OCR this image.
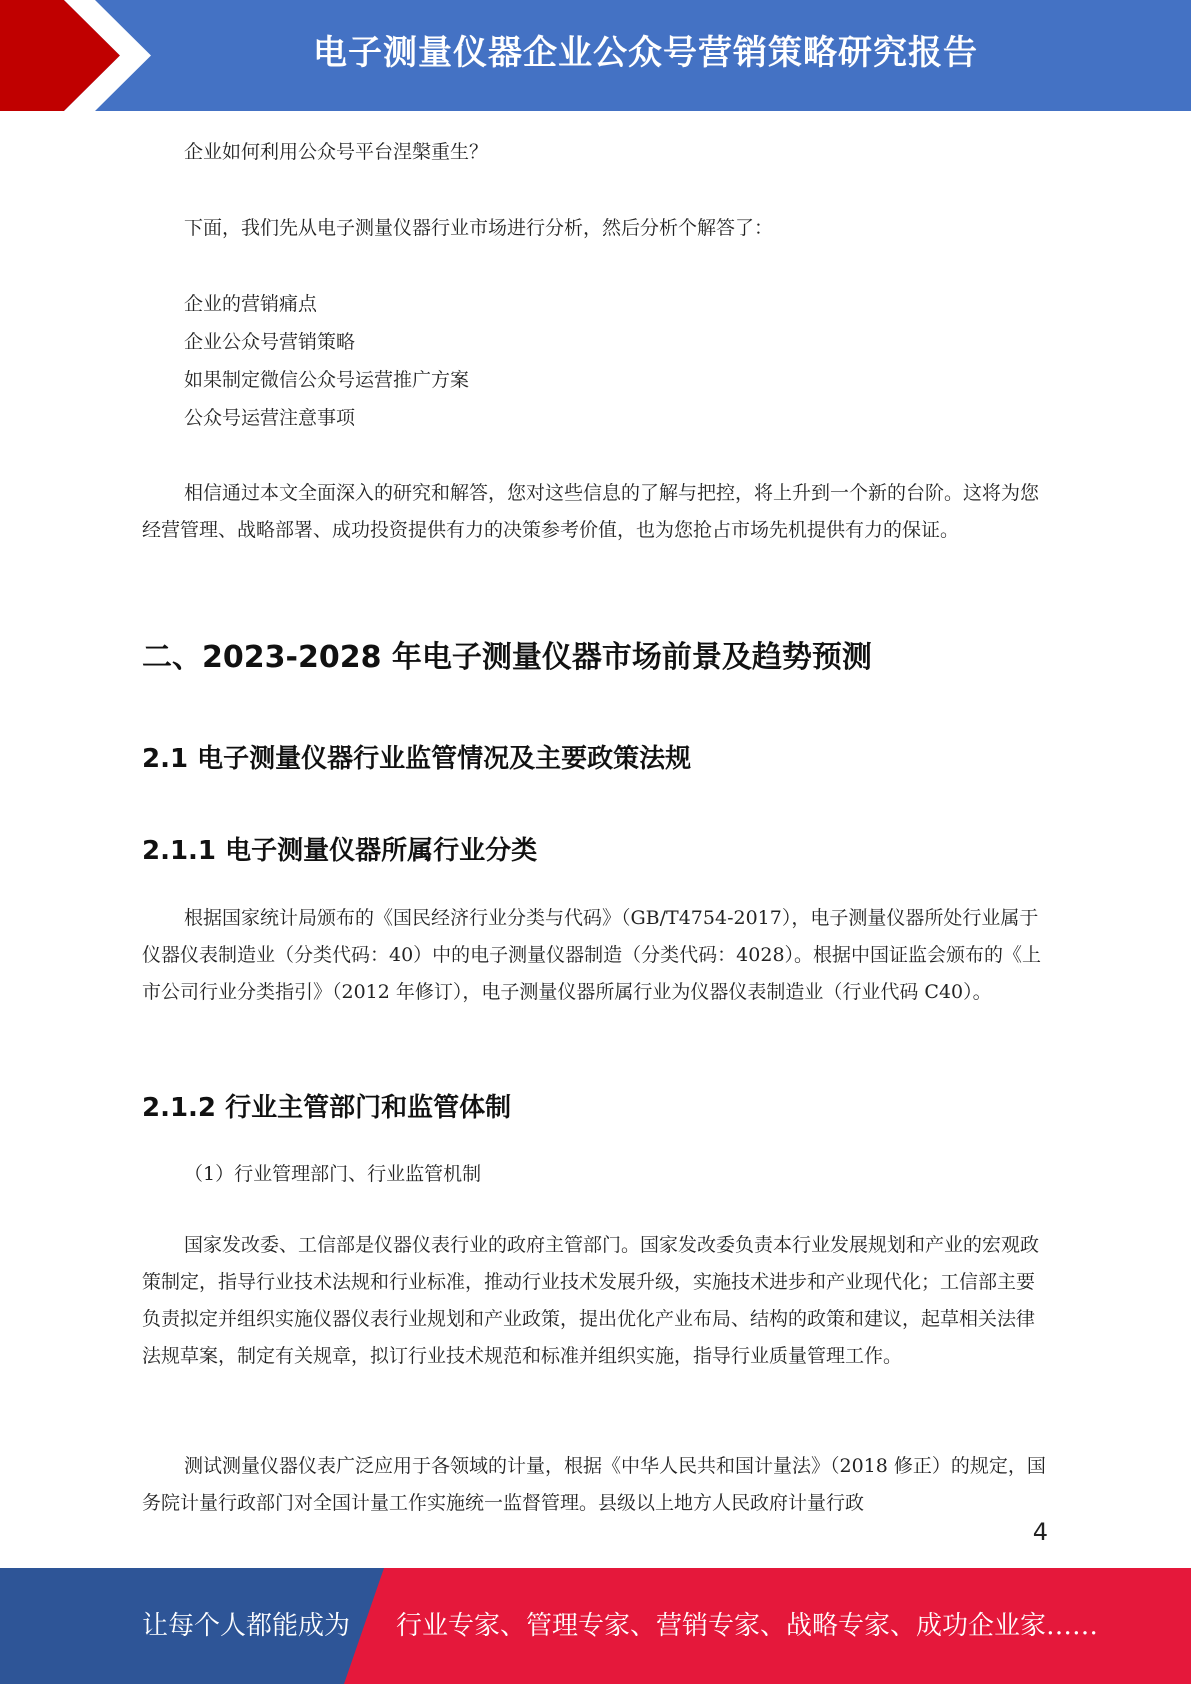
电子测量仪器企业公众号营销策略研究报告
企业如何利用公众号平台涅槃重生？
下面，我们先从电子测量仪器行业市场进行分析，然后分析个解答了：
企业的营销痛点
企业公众号营销策略
如果制定微信公众号运营推广方案
公众号运营注意事项
相信通过本文全面深入的研究和解答，您对这些信息的了解与把控，将上升到一个新的台阶。这将为您经营管理、战略部署、成功投资提供有力的决策参考价值，也为您抢占市场先机提供有力的保证。
二、2023-2028 年电子测量仪器市场前景及趋势预测
2.1 电子测量仪器行业监管情况及主要政策法规
2.1.1 电子测量仪器所属行业分类
根据国家统计局颁布的《国民经济行业分类与代码》（GB/T4754-2017），电子测量仪器所处行业属于仪器仪表制造业（分类代码：40）中的电子测量仪器制造（分类代码：4028）。根据中国证监会颁布的《上市公司行业分类指引》（2012 年修订），电子测量仪器所属行业为仪器仪表制造业（行业代码 C40）。
2.1.2 行业主管部门和监管体制
（1）行业管理部门、行业监管机制
国家发改委、工信部是仪器仪表行业的政府主管部门。国家发改委负责本行业发展规划和产业的宏观政策制定，指导行业技术法规和行业标准，推动行业技术发展升级，实施技术进步和产业现代化；工信部主要负责拟定并组织实施仪器仪表行业规划和产业政策，提出优化产业布局、结构的政策和建议，起草相关法律法规草案，制定有关规章，拟订行业技术规范和标准并组织实施，指导行业质量管理工作。
测试测量仪器仪表广泛应用于各领域的计量，根据《中华人民共和国计量法》（2018 修正）的规定，国务院计量行政部门对全国计量工作实施统一监督管理。县级以上地方人民政府计量行政
4
让每个人都能成为 行业专家、管理专家、营销专家、战略专家、成功企业家……
